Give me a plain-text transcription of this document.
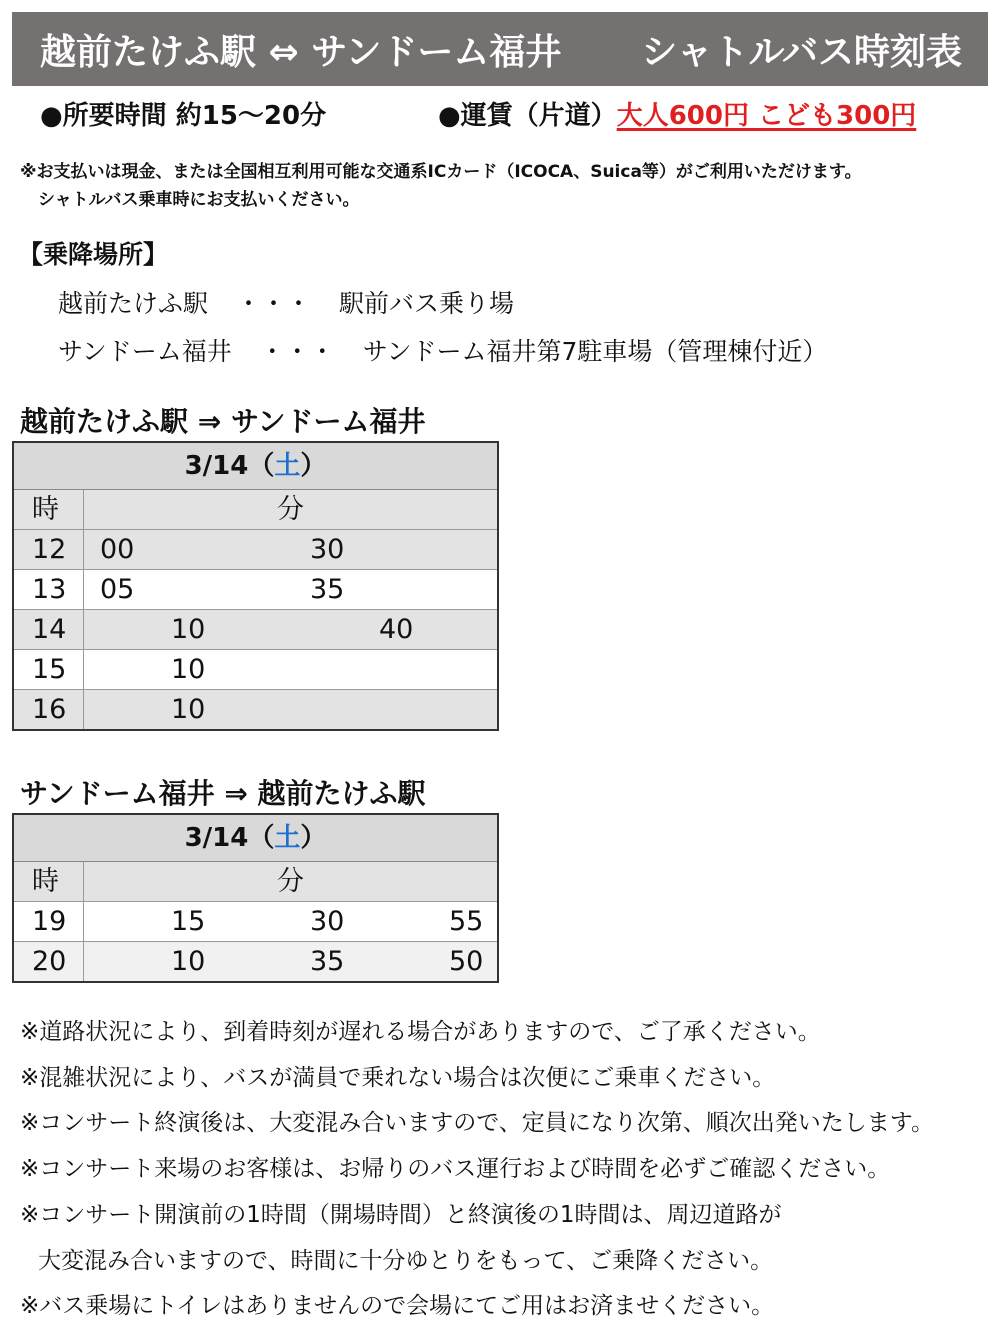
越前たけふ駅 ⇔ サンドーム福井 シャトルバス時刻表
●所要時間 約15～20分	●運賃（片道）大人600円 こども300円
※お支払いは現金、または全国相互利用可能な交通系ICカード（ICOCA、Suica等）がご利用いただけます。
シャトルバス乗車時にお支払いください。
【乗降場所】
越前たけふ駅 ・・・ 駅前バス乗り場
サンドーム福井 ・・・ サンドーム福井第7駐車場（管理棟付近）
越前たけふ駅 ⇒ サンドーム福井
3/14（土）
時	分
12	00	30
13	05	35
14	10	40
15	10
16	10
サンドーム福井 ⇒ 越前たけふ駅
3/14（土）
時	分
19	15	30	55
20	10	35	50
※道路状況により、到着時刻が遅れる場合がありますので、ご了承ください。
※混雑状況により、バスが満員で乗れない場合は次便にご乗車ください。
※コンサート終演後は、大変混み合いますので、定員になり次第、順次出発いたします。
※コンサート来場のお客様は、お帰りのバス運行および時間を必ずご確認ください。
※コンサート開演前の1時間（開場時間）と終演後の1時間は、周辺道路が
大変混み合いますので、時間に十分ゆとりをもって、ご乗降ください。
※バス乗場にトイレはありませんので会場にてご用はお済ませください。
